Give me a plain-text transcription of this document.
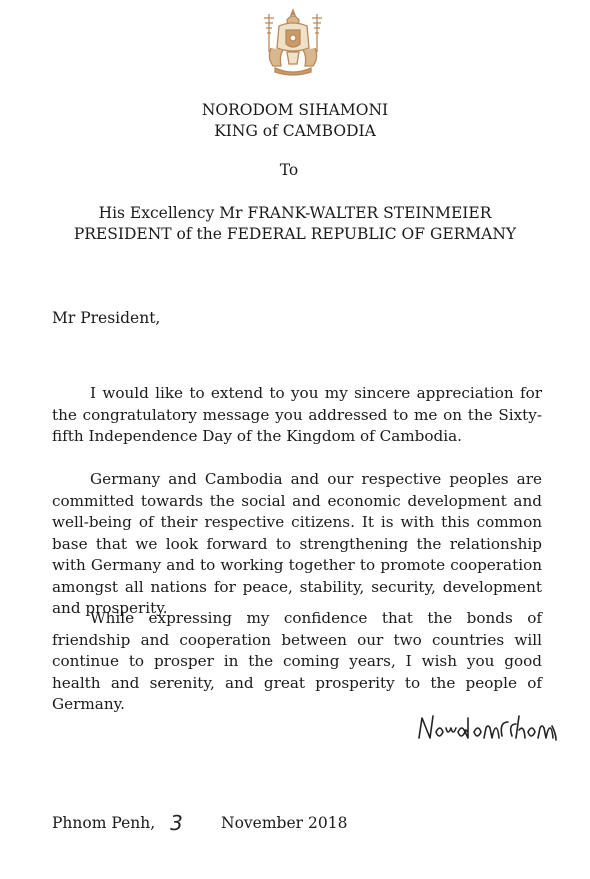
NORODOM SIHAMONI
KING of CAMBODIA
To
His Excellency Mr FRANK-WALTER STEINMEIER
PRESIDENT of the FEDERAL REPUBLIC OF GERMANY
Mr President,

I would like to extend to you my sincere appreciation for the congratulatory message you addressed to me on the Sixty-fifth Independence Day of the Kingdom of Cambodia.

Germany and Cambodia and our respective peoples are committed towards the social and economic development and well-being of their respective citizens. It is with this common base that we look forward to strengthening the relationship with Germany and to working together to promote cooperation amongst all nations for peace, stability, security, development and prosperity.

While expressing my confidence that the bonds of friendship and cooperation between our two countries will continue to prosper in the coming years, I wish you good health and serenity, and great prosperity to the people of Germany.

Phnom Penh, 3 November 2018
